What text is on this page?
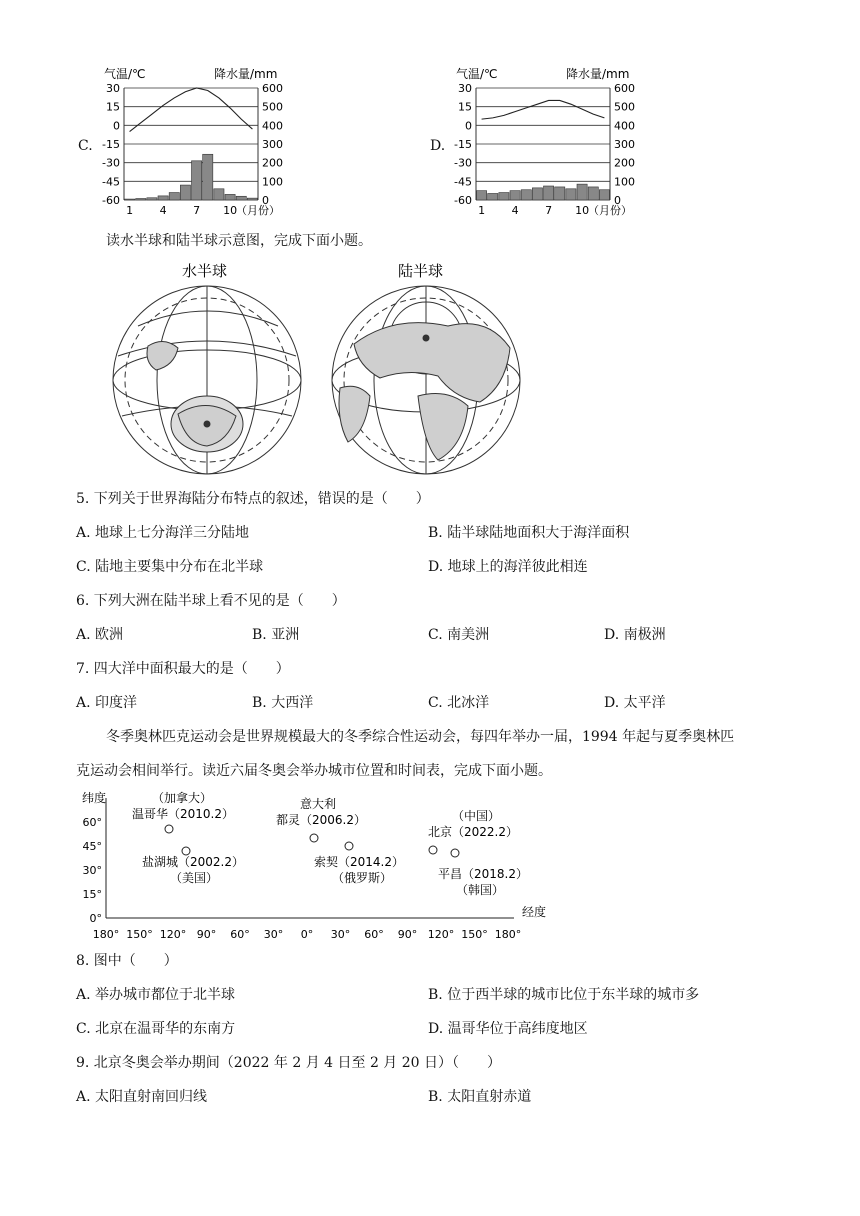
C.
气温/℃	降水量/mm
30
15
0
-15
-30
-45
-60
600
500
400
300
200
100
0
1 4 7 10
（月份）
D.
气温/℃	降水量/mm
30
15
0
-15
-30
-45
-60
600
500
400
300
200
100
0
1 4 7 10
（月份）
读水半球和陆半球示意图，完成下面小题。
水半球	陆半球
5. 下列关于世界海陆分布特点的叙述，错误的是（　　）
A. 地球上七分海洋三分陆地	B. 陆半球陆地面积大于海洋面积
C. 陆地主要集中分布在北半球	D. 地球上的海洋彼此相连
6. 下列大洲在陆半球上看不见的是（　　）
A. 欧洲	B. 亚洲	C. 南美洲	D. 南极洲
7. 四大洋中面积最大的是（　　）
A. 印度洋	B. 大西洋	C. 北冰洋	D. 太平洋
冬季奥林匹克运动会是世界规模最大的冬季综合性运动会，每四年举办一届，1994 年起与夏季奥林匹
克运动会相间举行。读近六届冬奥会举办城市位置和时间表，完成下面小题。
纬度
经度
60°
45°
30°
15°
0°
180° 150° 120° 90° 60° 30° 0° 30° 60° 90° 120° 150° 180°
（加拿大）
温哥华（2010.2）
盐湖城（2002.2）
（美国）
意大利
都灵（2006.2）
索契（2014.2）
（俄罗斯）
（中国）
北京（2022.2）
平昌（2018.2）
（韩国）
8. 图中（　　）
A. 举办城市都位于北半球	B. 位于西半球的城市比位于东半球的城市多
C. 北京在温哥华的东南方	D. 温哥华位于高纬度地区
9. 北京冬奥会举办期间（2022 年 2 月 4 日至 2 月 20 日）（　　）
A. 太阳直射南回归线	B. 太阳直射赤道
